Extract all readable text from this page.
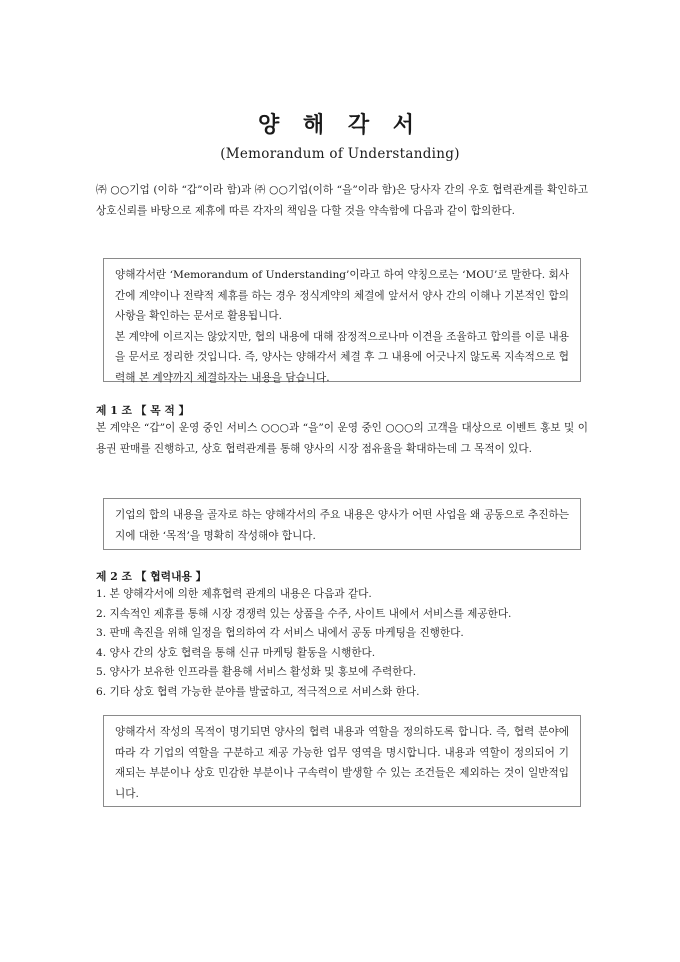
양 해 각 서
(Memorandum of Understanding)

㈜ ○○기업 (이하 “갑”이라 함)과 ㈜ ○○기업(이하 “을”이라 함)은 당사자 간의 우호 협력관계를 확인하고 상호신뢰를 바탕으로 제휴에 따른 각자의 책임을 다할 것을 약속함에 다음과 같이 합의한다.

양해각서란 ‘Memorandum of Understanding’이라고 하여 약칭으로는 ‘MOU’로 말한다. 회사 간에 계약이나 전략적 제휴를 하는 경우 정식계약의 체결에 앞서서 양사 간의 이해나 기본적인 합의사항을 확인하는 문서로 활용됩니다.

본 계약에 이르지는 않았지만, 협의 내용에 대해 잠정적으로나마 이견을 조율하고 합의를 이룬 내용을 문서로 정리한 것입니다. 즉, 양사는 양해각서 체결 후 그 내용에 어긋나지 않도록 지속적으로 협력해 본 계약까지 체결하자는 내용을 담습니다.

제 1 조 【 목 적 】

본 계약은 “갑”이 운영 중인 서비스 ○○○과 “을”이 운영 중인 ○○○의 고객을 대상으로 이벤트 홍보 및 이용권 판매를 진행하고, 상호 협력관계를 통해 양사의 시장 점유율을 확대하는데 그 목적이 있다.

기업의 합의 내용을 골자로 하는 양해각서의 주요 내용은 양사가 어떤 사업을 왜 공동으로 추진하는지에 대한 ‘목적’을 명확히 작성해야 합니다.

제 2 조 【 협력내용 】

1. 본 양해각서에 의한 제휴협력 관계의 내용은 다음과 같다.
2. 지속적인 제휴를 통해 시장 경쟁력 있는 상품을 수주, 사이트 내에서 서비스를 제공한다.
3. 판매 촉진을 위해 일정을 협의하여 각 서비스 내에서 공동 마케팅을 진행한다.
4. 양사 간의 상호 협력을 통해 신규 마케팅 활동을 시행한다.
5. 양사가 보유한 인프라를 활용해 서비스 활성화 및 홍보에 주력한다.
6. 기타 상호 협력 가능한 분야를 발굴하고, 적극적으로 서비스화 한다.

양해각서 작성의 목적이 명기되면 양사의 협력 내용과 역할을 정의하도록 합니다. 즉, 협력 분야에 따라 각 기업의 역할을 구분하고 제공 가능한 업무 영역을 명시합니다. 내용과 역할이 정의되어 기재되는 부분이나 상호 민감한 부분이나 구속력이 발생할 수 있는 조건들은 제외하는 것이 일반적입니다.
